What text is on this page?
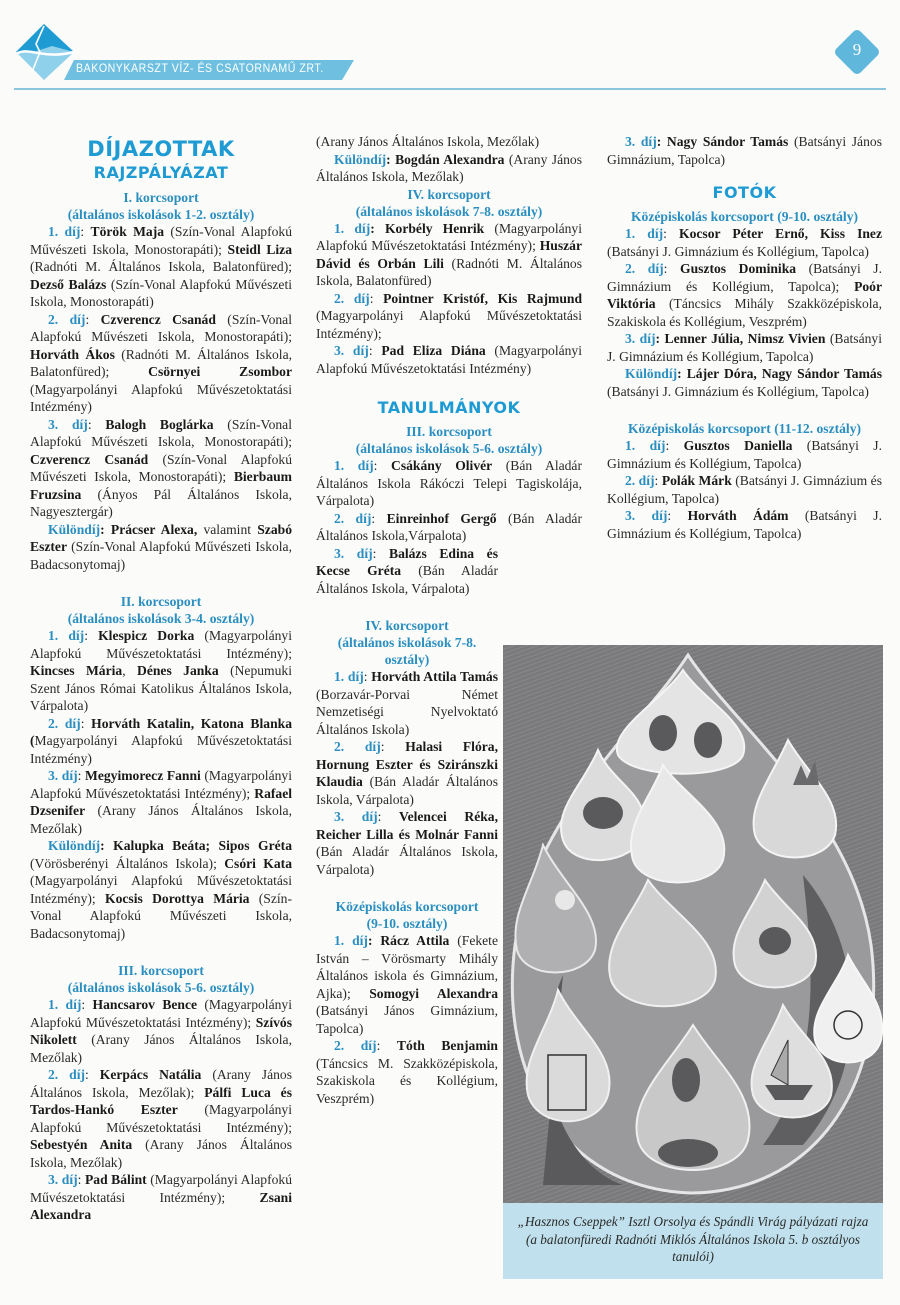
BAKONYKARSZT VÍZ- ÉS CSATORNAMŰ ZRT.
9
DÍJAZOTTAK
RAJZPÁLYÁZAT
I. korcsoport
(általános iskolások 1-2. osztály)

1. díj: Török Maja (Szín-Vonal Alapfokú Művészeti Iskola, Monostorapáti); Steidl Liza (Radnóti M. Általános Iskola, Balatonfüred); Dezső Balázs (Szín-Vonal Alapfokú Művészeti Iskola, Monostorapáti)

2. díj: Czverencz Csanád (Szín-Vonal Alapfokú Művészeti Iskola, Monostorapáti); Horváth Ákos (Radnóti M. Általános Iskola, Balatonfüred); Csörnyei Zsombor (Magyarpolányi Alapfokú Művészetoktatási Intézmény)

3. díj: Balogh Boglárka (Szín-Vonal Alapfokú Művészeti Iskola, Monostorapáti); Czverencz Csanád (Szín-Vonal Alapfokú Művészeti Iskola, Monostorapáti); Bierbaum Fruzsina (Ányos Pál Általános Iskola, Nagyesztergár)

Különdíj: Prácser Alexa, valamint Szabó Eszter (Szín-Vonal Alapfokú Művészeti Iskola, Badacsonytomaj)

II. korcsoport
(általános iskolások 3-4. osztály)

1. díj: Klespicz Dorka (Magyarpolányi Alapfokú Művészetoktatási Intézmény); Kincses Mária, Dénes Janka (Nepumuki Szent János Római Katolikus Általános Iskola, Várpalota)

2. díj: Horváth Katalin, Katona Blanka (Magyarpolányi Alapfokú Művészetoktatási Intézmény)

3. díj: Megyimorecz Fanni (Magyarpolányi Alapfokú Művészetoktatási Intézmény); Rafael Dzsenifer (Arany János Általános Iskola, Mezőlak)

Különdíj: Kalupka Beáta; Sipos Gréta (Vörösberényi Általános Iskola); Csóri Kata (Magyarpolányi Alapfokú Művészetoktatási Intézmény); Kocsis Dorottya Mária (Szín-Vonal Alapfokú Művészeti Iskola, Badacsonytomaj)

III. korcsoport
(általános iskolások 5-6. osztály)

1. díj: Hancsarov Bence (Magyarpolányi Alapfokú Művészetoktatási Intézmény); Szívós Nikolett (Arany János Általános Iskola, Mezőlak)

2. díj: Kerpács Natália (Arany János Általános Iskola, Mezőlak); Pálfi Luca és Tardos-Hankó Eszter (Magyarpolányi Alapfokú Művészetoktatási Intézmény); Sebestyén Anita (Arany János Általános Iskola, Mezőlak)

3. díj: Pad Bálint (Magyarpolányi Alapfokú Művészetoktatási Intézmény); Zsani Alexandra

(Arany János Általános Iskola, Mezőlak)

Különdíj: Bogdán Alexandra (Arany János Általános Iskola, Mezőlak)

IV. korcsoport
(általános iskolások 7-8. osztály)

1. díj: Korbély Henrik (Magyarpolányi Alapfokú Művészetoktatási Intézmény); Huszár Dávid és Orbán Lili (Radnóti M. Általános Iskola, Balatonfüred)

2. díj: Pointner Kristóf, Kis Rajmund (Magyarpolányi Alapfokú Művészetoktatási Intézmény);

3. díj: Pad Eliza Diána (Magyarpolányi Alapfokú Művészetoktatási Intézmény)

TANULMÁNYOK
III. korcsoport
(általános iskolások 5-6. osztály)

1. díj: Csákány Olivér (Bán Aladár Általános Iskola Rákóczi Telepi Tagiskolája, Várpalota)

2. díj: Einreinhof Gergő (Bán Aladár Általános Iskola,Várpalota)

3. díj: Balázs Edina és Kecse Gréta (Bán Aladár Általános Iskola, Várpalota)

IV. korcsoport
(általános iskolások 7-8. osztály)

1. díj: Horváth Attila Tamás (Borzavár-Porvai Német Nemzetiségi Nyelvoktató Általános Iskola)

2. díj: Halasi Flóra, Hornung Eszter és Sziránszki Klaudia (Bán Aladár Általános Iskola, Várpalota)

3. díj: Velencei Réka, Reicher Lilla és Molnár Fanni (Bán Aladár Általános Iskola, Várpalota)

Középiskolás korcsoport
(9-10. osztály)

1. díj: Rácz Attila (Fekete István – Vörösmarty Mihály Általános iskola és Gimnázium, Ajka); Somogyi Alexandra (Batsányi János Gimnázium, Tapolca)

2. díj: Tóth Benjamin (Táncsics M. Szakközépiskola, Szakiskola és Kollégium, Veszprém)

3. díj: Nagy Sándor Tamás (Batsányi János Gimnázium, Tapolca)

FOTÓK
Középiskolás korcsoport (9-10. osztály)

1. díj: Kocsor Péter Ernő, Kiss Inez (Batsányi J. Gimnázium és Kollégium, Tapolca)

2. díj: Gusztos Dominika (Batsányi J. Gimnázium és Kollégium, Tapolca); Poór Viktória (Táncsics Mihály Szakközépiskola, Szakiskola és Kollégium, Veszprém)

3. díj: Lenner Júlia, Nimsz Vivien (Batsányi J. Gimnázium és Kollégium, Tapolca)

Különdíj: Lájer Dóra, Nagy Sándor Tamás (Batsányi J. Gimnázium és Kollégium, Tapolca)

Középiskolás korcsoport (11-12. osztály)

1. díj: Gusztos Daniella (Batsányi J. Gimnázium és Kollégium, Tapolca)

2. díj: Polák Márk (Batsányi J. Gimnázium és Kollégium, Tapolca)

3. díj: Horváth Ádám (Batsányi J. Gimnázium és Kollégium, Tapolca)

„Hasznos Cseppek” Isztl Orsolya és Spándli Virág pályázati rajza (a balatonfüredi Radnóti Miklós Általános Iskola 5. b osztályos tanulói)
